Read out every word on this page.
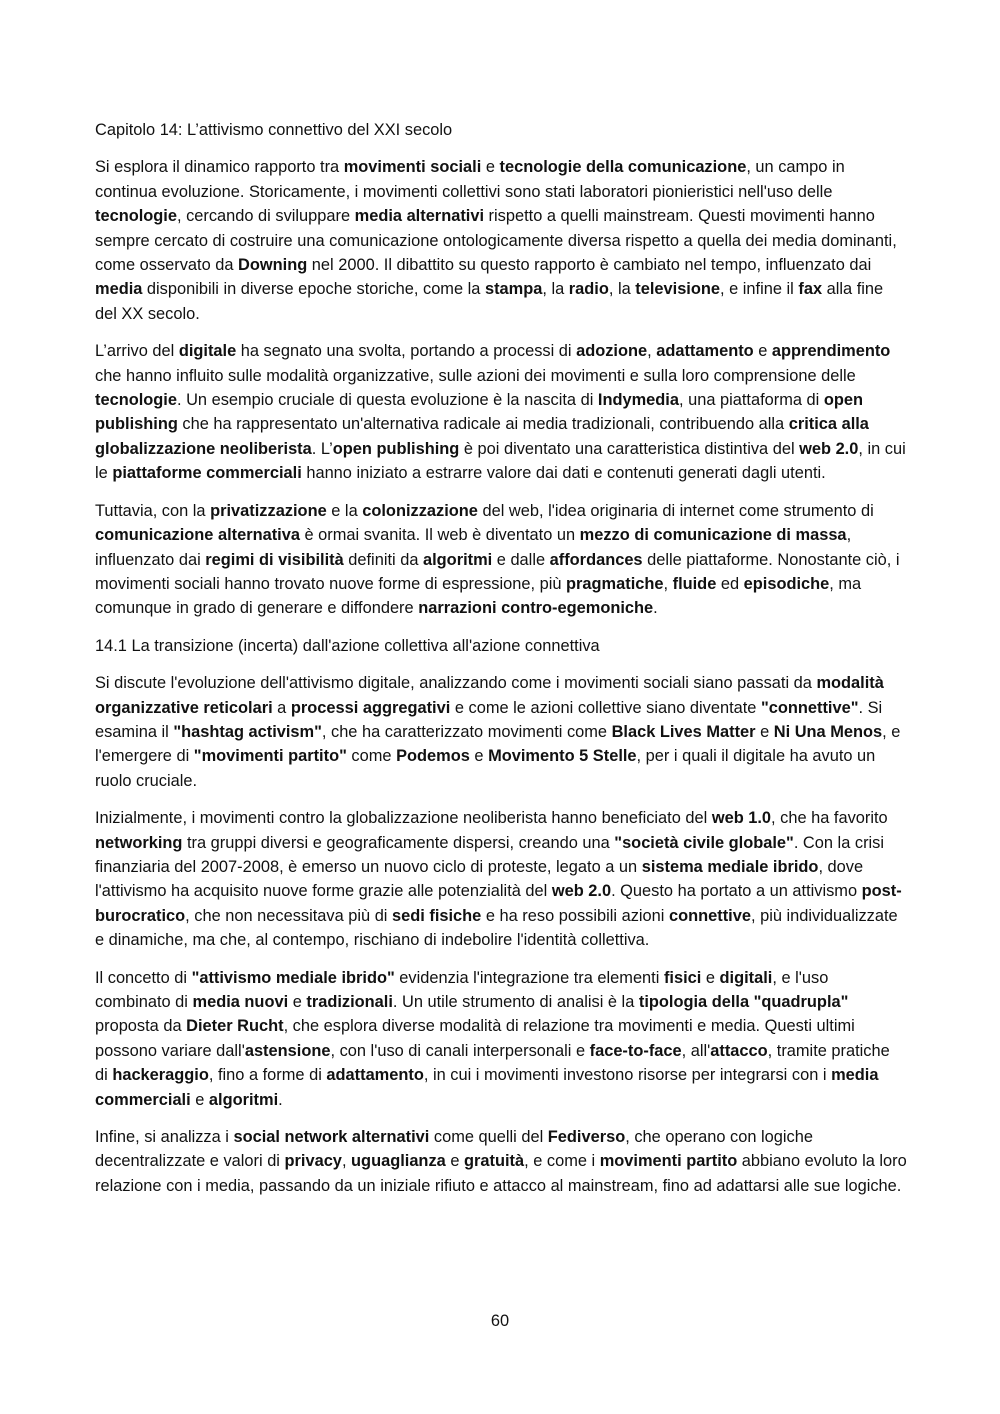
Capitolo 14: L’attivismo connettivo del XXI secolo

Si esplora il dinamico rapporto tra movimenti sociali e tecnologie della comunicazione, un campo in continua evoluzione. Storicamente, i movimenti collettivi sono stati laboratori pionieristici nell'uso delle tecnologie, cercando di sviluppare media alternativi rispetto a quelli mainstream. Questi movimenti hanno sempre cercato di costruire una comunicazione ontologicamente diversa rispetto a quella dei media dominanti, come osservato da Downing nel 2000. Il dibattito su questo rapporto è cambiato nel tempo, influenzato dai media disponibili in diverse epoche storiche, come la stampa, la radio, la televisione, e infine il fax alla fine del XX secolo.

L’arrivo del digitale ha segnato una svolta, portando a processi di adozione, adattamento e apprendimento che hanno influito sulle modalità organizzative, sulle azioni dei movimenti e sulla loro comprensione delle tecnologie. Un esempio cruciale di questa evoluzione è la nascita di Indymedia, una piattaforma di open publishing che ha rappresentato un'alternativa radicale ai media tradizionali, contribuendo alla critica alla globalizzazione neoliberista. L’open publishing è poi diventato una caratteristica distintiva del web 2.0, in cui le piattaforme commerciali hanno iniziato a estrarre valore dai dati e contenuti generati dagli utenti.

Tuttavia, con la privatizzazione e la colonizzazione del web, l'idea originaria di internet come strumento di comunicazione alternativa è ormai svanita. Il web è diventato un mezzo di comunicazione di massa, influenzato dai regimi di visibilità definiti da algoritmi e dalle affordances delle piattaforme. Nonostante ciò, i movimenti sociali hanno trovato nuove forme di espressione, più pragmatiche, fluide ed episodiche, ma comunque in grado di generare e diffondere narrazioni contro-egemoniche.

14.1 La transizione (incerta) dall'azione collettiva all'azione connettiva

Si discute l'evoluzione dell'attivismo digitale, analizzando come i movimenti sociali siano passati da modalità organizzative reticolari a processi aggregativi e come le azioni collettive siano diventate "connettive". Si esamina il "hashtag activism", che ha caratterizzato movimenti come Black Lives Matter e Ni Una Menos, e l'emergere di "movimenti partito" come Podemos e Movimento 5 Stelle, per i quali il digitale ha avuto un ruolo cruciale.

Inizialmente, i movimenti contro la globalizzazione neoliberista hanno beneficiato del web 1.0, che ha favorito networking tra gruppi diversi e geograficamente dispersi, creando una "società civile globale". Con la crisi finanziaria del 2007-2008, è emerso un nuovo ciclo di proteste, legato a un sistema mediale ibrido, dove l'attivismo ha acquisito nuove forme grazie alle potenzialità del web 2.0. Questo ha portato a un attivismo post-burocratico, che non necessitava più di sedi fisiche e ha reso possibili azioni connettive, più individualizzate e dinamiche, ma che, al contempo, rischiano di indebolire l'identità collettiva.

Il concetto di "attivismo mediale ibrido" evidenzia l'integrazione tra elementi fisici e digitali, e l'uso combinato di media nuovi e tradizionali. Un utile strumento di analisi è la tipologia della "quadrupla" proposta da Dieter Rucht, che esplora diverse modalità di relazione tra movimenti e media. Questi ultimi possono variare dall'astensione, con l'uso di canali interpersonali e face-to-face, all'attacco, tramite pratiche di hackeraggio, fino a forme di adattamento, in cui i movimenti investono risorse per integrarsi con i media commerciali e algoritmi.

Infine, si analizza i social network alternativi come quelli del Fediverso, che operano con logiche decentralizzate e valori di privacy, uguaglianza e gratuità, e come i movimenti partito abbiano evoluto la loro relazione con i media, passando da un iniziale rifiuto e attacco al mainstream, fino ad adattarsi alle sue logiche.

60
